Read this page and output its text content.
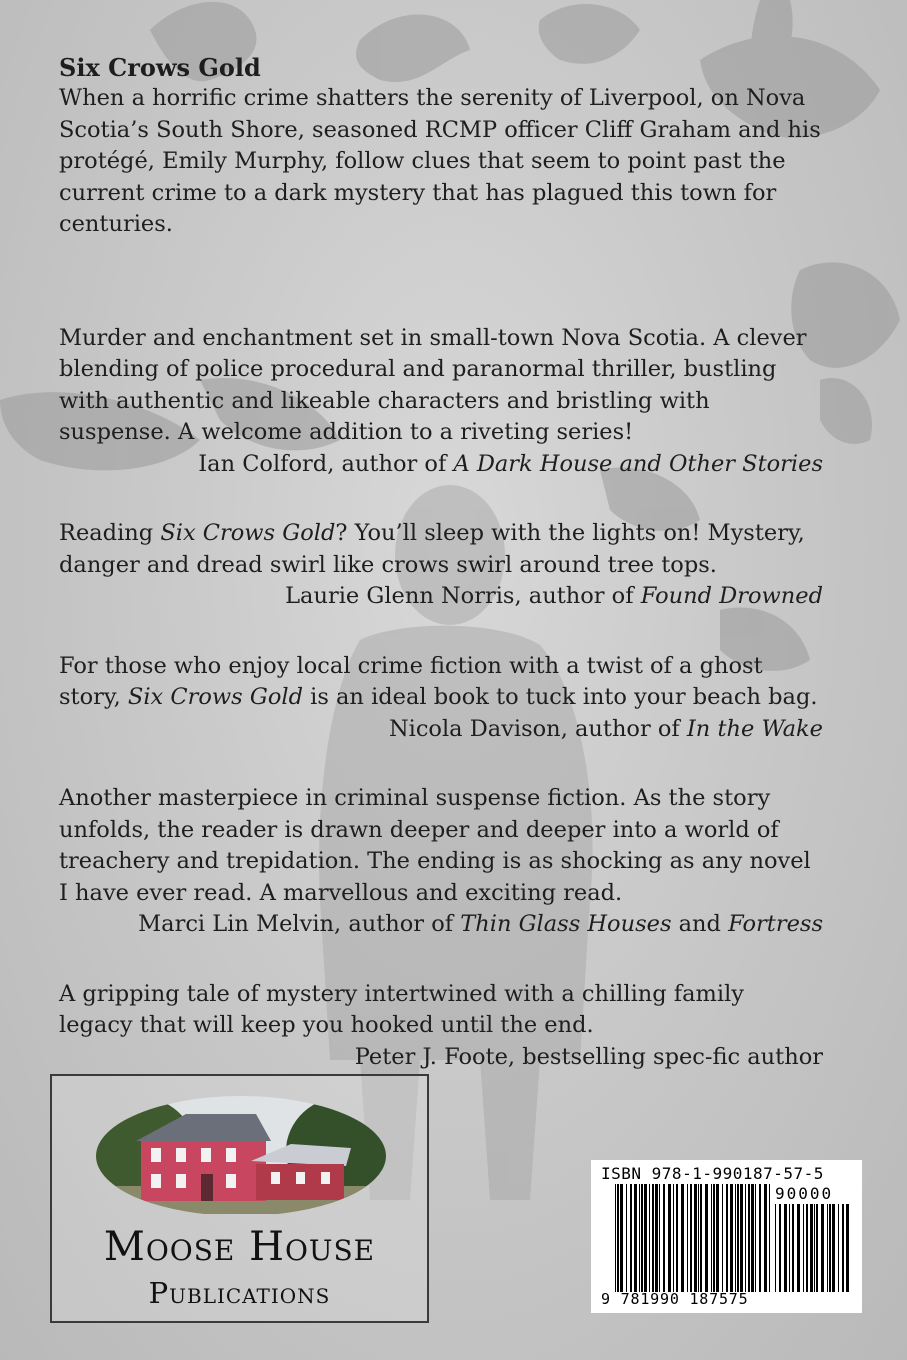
Six Crows Gold

When a horrific crime shatters the serenity of Liverpool, on Nova Scotia’s South Shore, seasoned RCMP officer Cliff Graham and his protégé, Emily Murphy, follow clues that seem to point past the current crime to a dark mystery that has plagued this town for centuries.

Murder and enchantment set in small-town Nova Scotia. A clever blending of police procedural and paranormal thriller, bustling with authentic and likeable characters and bristling with suspense. A welcome addition to a riveting series!

Ian Colford, author of A Dark House and Other Stories

Reading Six Crows Gold? You’ll sleep with the lights on! Mystery, danger and dread swirl like crows swirl around tree tops.

Laurie Glenn Norris, author of Found Drowned

For those who enjoy local crime fiction with a twist of a ghost story, Six Crows Gold is an ideal book to tuck into your beach bag.

Nicola Davison, author of In the Wake

Another masterpiece in criminal suspense fiction. As the story unfolds, the reader is drawn deeper and deeper into a world of treachery and trepidation. The ending is as shocking as any novel I have ever read. A marvellous and exciting read.

Marci Lin Melvin, author of Thin Glass Houses and Fortress

A gripping tale of mystery intertwined with a chilling family legacy that will keep you hooked until the end.

Peter J. Foote, bestselling spec-fic author

Moose House
Publications
ISBN 978-1-990187-57-5
90000
9 781990 187575
